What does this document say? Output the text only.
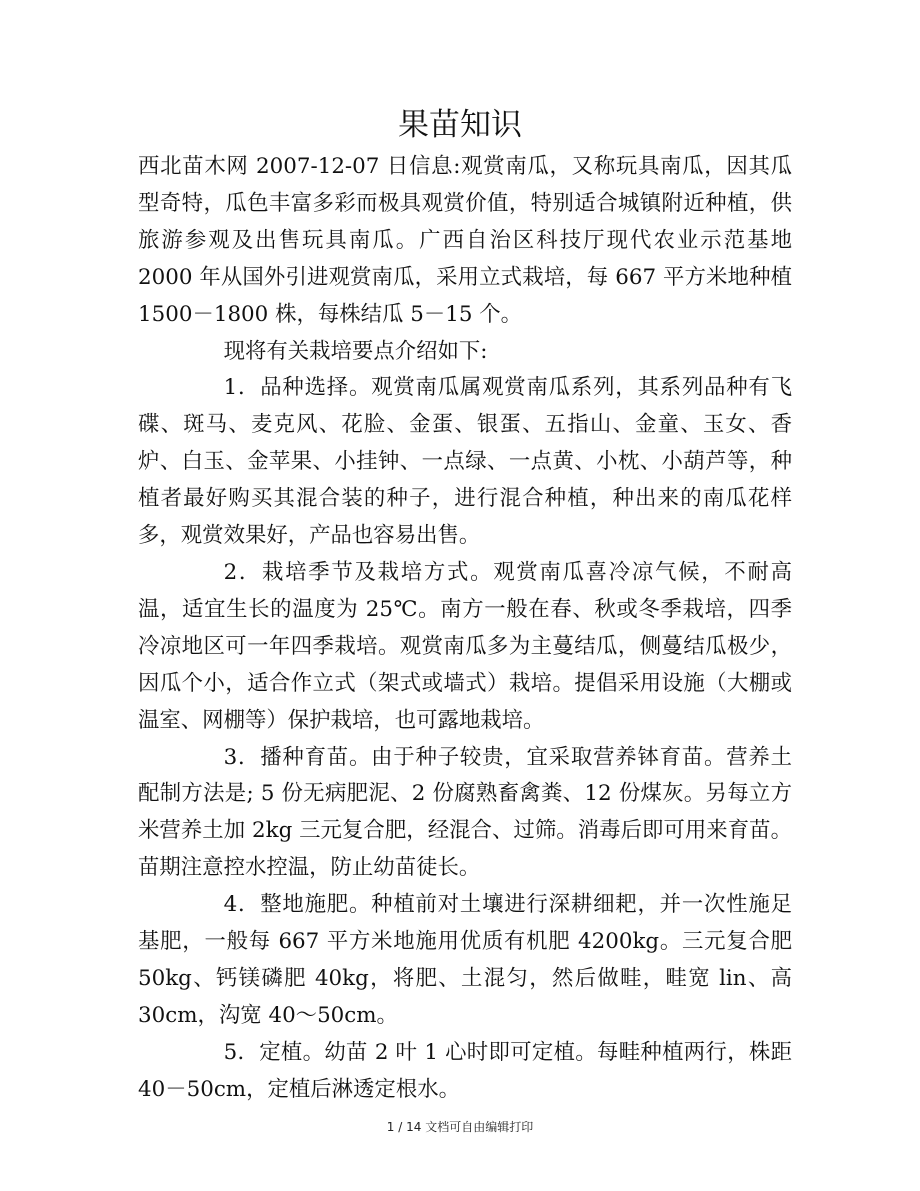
果苗知识

西北苗木网 2007-12-07 日信息:观赏南瓜，又称玩具南瓜，因其瓜型奇特，瓜色丰富多彩而极具观赏价值，特别适合城镇附近种植，供旅游参观及出售玩具南瓜。广西自治区科技厅现代农业示范基地 2000 年从国外引进观赏南瓜，采用立式栽培，每 667 平方米地种植 1500－1800 株，每株结瓜 5－15 个。

现将有关栽培要点介绍如下:

1．品种选择。观赏南瓜属观赏南瓜系列，其系列品种有飞碟、斑马、麦克风、花脸、金蛋、银蛋、五指山、金童、玉女、香炉、白玉、金苹果、小挂钟、一点绿、一点黄、小枕、小葫芦等，种植者最好购买其混合装的种子，进行混合种植，种出来的南瓜花样多，观赏效果好，产品也容易出售。

2．栽培季节及栽培方式。观赏南瓜喜冷凉气候，不耐高温，适宜生长的温度为 25℃。南方一般在春、秋或冬季栽培，四季冷凉地区可一年四季栽培。观赏南瓜多为主蔓结瓜，侧蔓结瓜极少，因瓜个小，适合作立式（架式或墙式）栽培。提倡采用设施（大棚或温室、网棚等）保护栽培，也可露地栽培。

3．播种育苗。由于种子较贵，宜采取营养钵育苗。营养土配制方法是; 5 份无病肥泥、2 份腐熟畜禽粪、12 份煤灰。另每立方米营养土加 2kg 三元复合肥，经混合、过筛。消毒后即可用来育苗。苗期注意控水控温，防止幼苗徒长。

4．整地施肥。种植前对土壤进行深耕细耙，并一次性施足基肥，一般每 667 平方米地施用优质有机肥 4200kg。三元复合肥 50kg、钙镁磷肥 40kg，将肥、土混匀，然后做畦，畦宽 lin、高 30cm，沟宽 40～50cm。

5．定植。幼苗 2 叶 1 心时即可定植。每畦种植两行，株距 40－50cm，定植后淋透定根水。

1 / 14 文档可自由编辑打印
